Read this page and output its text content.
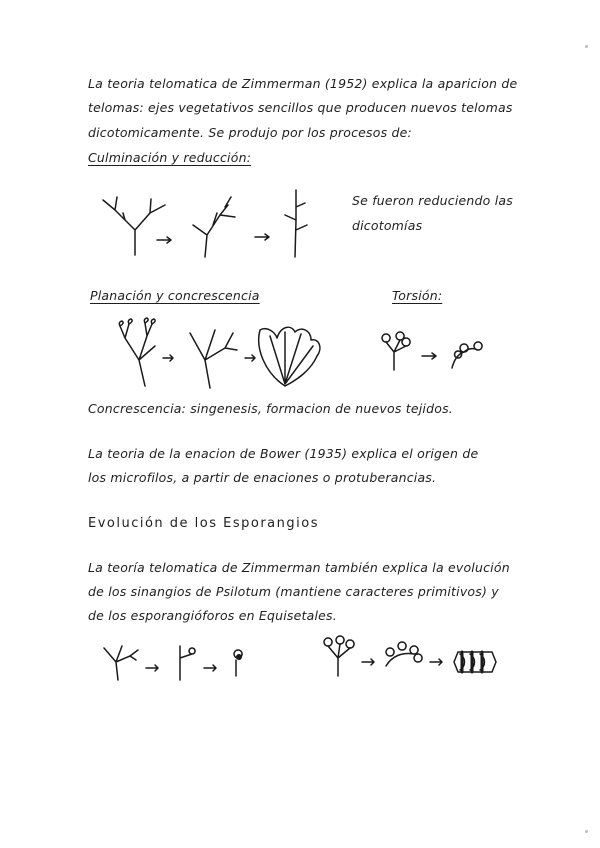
La teoria telomatica de Zimmerman (1952) explica la aparicion de
telomas: ejes vegetativos sencillos que producen nuevos telomas
dicotomicamente. Se produjo por los procesos de:
Culminación y reducción:
Se fueron reduciendo las
dicotomías
Planación y concrescencia	Torsión:
Concrescencia: singenesis, formacion de nuevos tejidos.
La teoria de la enacion de Bower (1935) explica el origen de
los microfilos, a partir de enaciones o protuberancias.
Evolución de los Esporangios
La teoría telomatica de Zimmerman también explica la evolución
de los sinangios de Psilotum (mantiene caracteres primitivos) y
de los esporangióforos en Equisetales.
